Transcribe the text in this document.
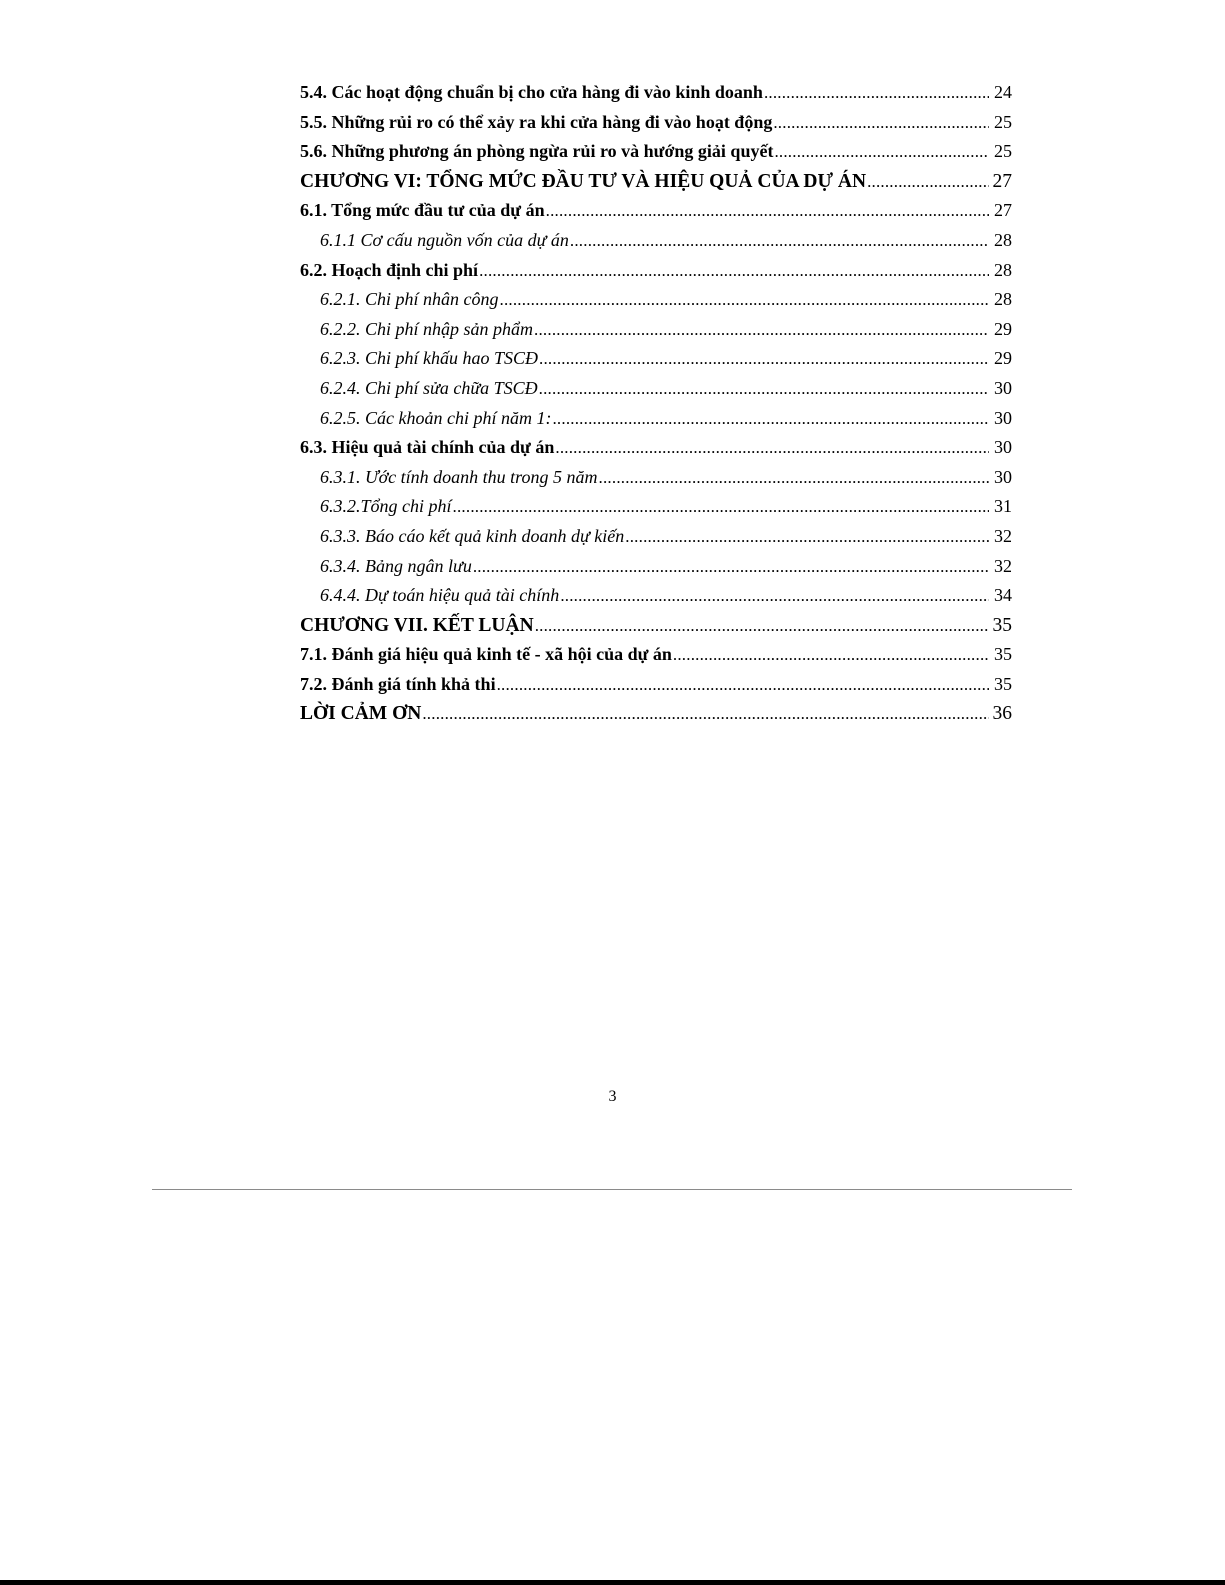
5.4. Các hoạt động chuẩn bị cho cửa hàng đi vào kinh doanh .....	24
5.5. Những rủi ro có thể xảy ra khi cửa hàng đi vào hoạt động .....	25
5.6. Những phương án phòng ngừa rủi ro và hướng giải quyết .....	25
CHƯƠNG VI: TỔNG MỨC ĐẦU TƯ VÀ HIỆU QUẢ CỦA DỰ ÁN .....	27
6.1. Tổng mức đầu tư của dự án .....	27
6.1.1 Cơ cấu nguồn vốn của dự án .....	28
6.2. Hoạch định chi phí .....	28
6.2.1. Chi phí nhân công .....	28
6.2.2. Chi phí nhập sản phẩm .....	29
6.2.3. Chi phí khấu hao TSCĐ .....	29
6.2.4. Chi phí sửa chữa TSCĐ .....	30
6.2.5. Các khoản chi phí năm 1: .....	30
6.3. Hiệu quả tài chính của dự án .....	30
6.3.1. Ước tính doanh thu trong 5 năm .....	30
6.3.2.Tổng chi phí .....	31
6.3.3. Báo cáo kết quả kinh doanh dự kiến .....	32
6.3.4. Bảng ngân lưu .....	32
6.4.4. Dự toán hiệu quả tài chính .....	34
CHƯƠNG VII. KẾT LUẬN .....	35
7.1. Đánh giá hiệu quả kinh tế - xã hội của dự án .....	35
7.2. Đánh giá tính khả thi .....	35
LỜI CẢM ƠN .....	36
3
